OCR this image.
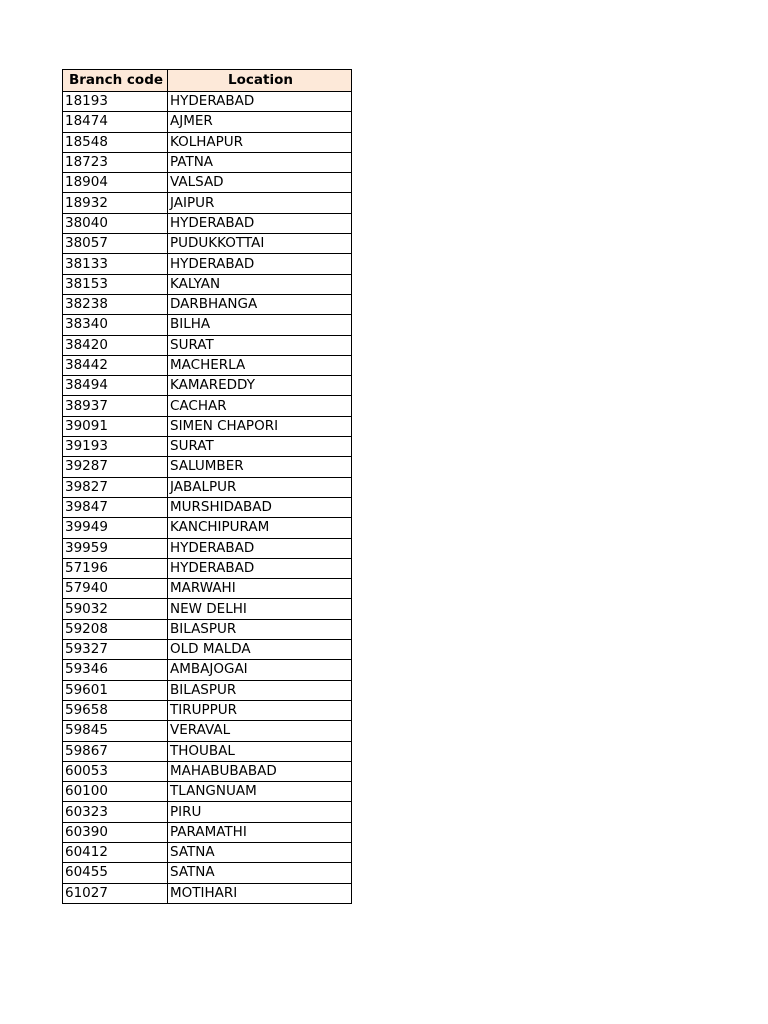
Branch code	Location
18193	HYDERABAD
18474	AJMER
18548	KOLHAPUR
18723	PATNA
18904	VALSAD
18932	JAIPUR
38040	HYDERABAD
38057	PUDUKKOTTAI
38133	HYDERABAD
38153	KALYAN
38238	DARBHANGA
38340	BILHA
38420	SURAT
38442	MACHERLA
38494	KAMAREDDY
38937	CACHAR
39091	SIMEN CHAPORI
39193	SURAT
39287	SALUMBER
39827	JABALPUR
39847	MURSHIDABAD
39949	KANCHIPURAM
39959	HYDERABAD
57196	HYDERABAD
57940	MARWAHI
59032	NEW DELHI
59208	BILASPUR
59327	OLD MALDA
59346	AMBAJOGAI
59601	BILASPUR
59658	TIRUPPUR
59845	VERAVAL
59867	THOUBAL
60053	MAHABUBABAD
60100	TLANGNUAM
60323	PIRU
60390	PARAMATHI
60412	SATNA
60455	SATNA
61027	MOTIHARI
